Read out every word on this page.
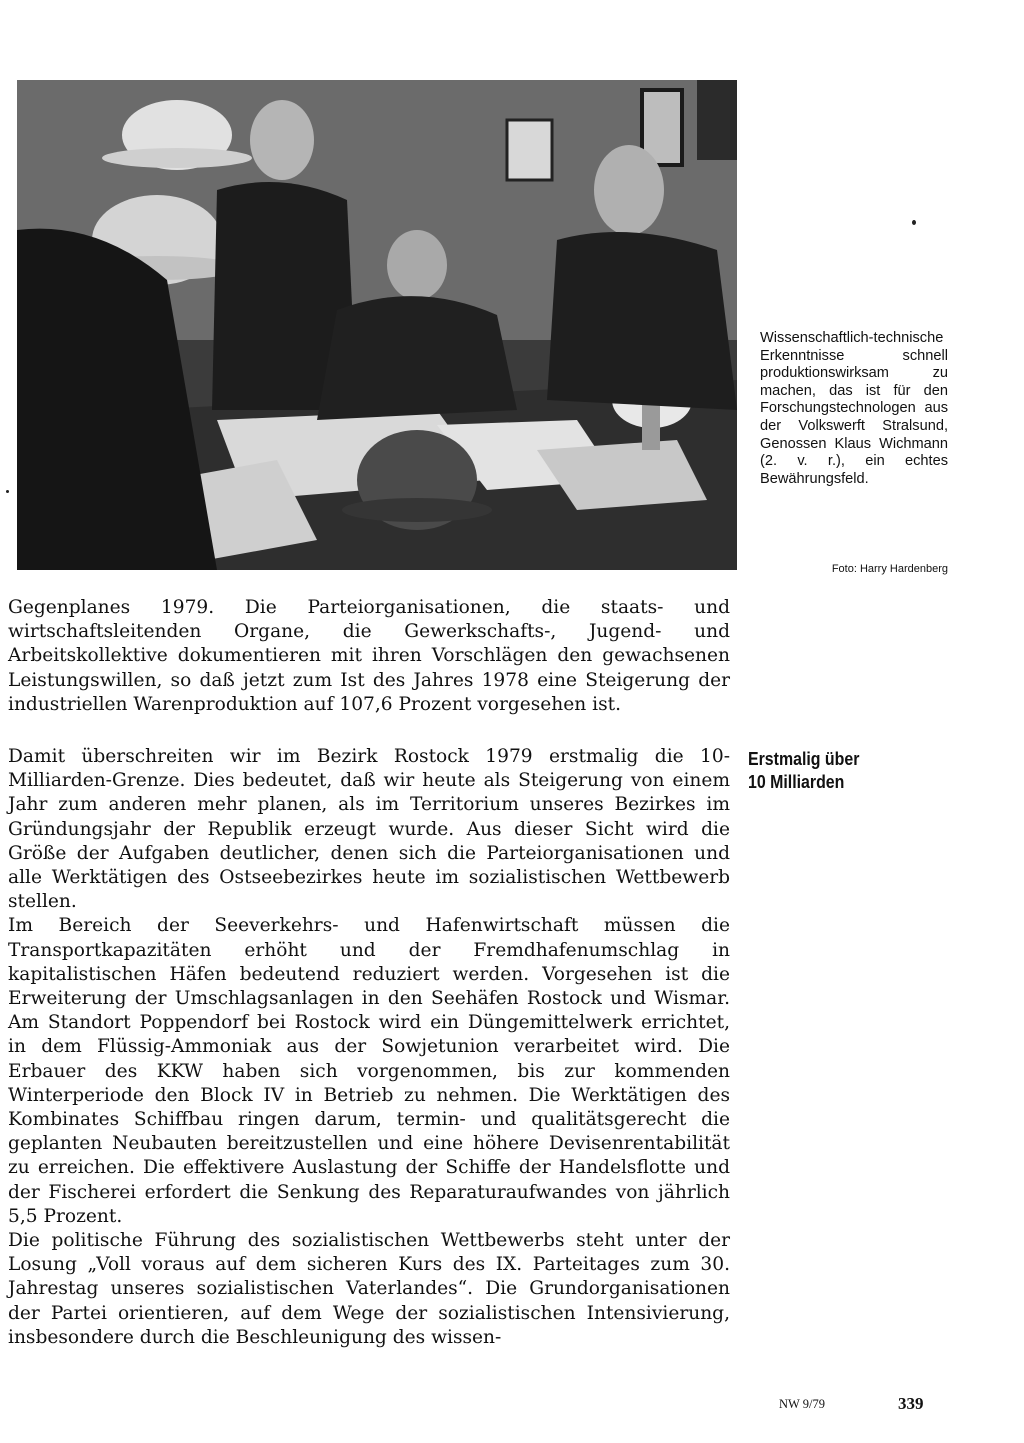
Wissenschaftlich-technische Erkenntnisse schnell produktionswirksam zu machen, das ist für den Forschungstechnologen aus der Volkswerft Stralsund, Genossen Klaus Wichmann (2. v. r.), ein echtes Bewährungsfeld.
Foto: Harry Hardenberg

Gegenplanes 1979. Die Parteiorganisationen, die staats- und wirtschaftsleitenden Organe, die Gewerkschafts-, Jugend- und Arbeitskollektive dokumentieren mit ihren Vorschlägen den gewachsenen Leistungswillen, so daß jetzt zum Ist des Jahres 1978 eine Steigerung der industriellen Warenproduktion auf 107,6 Prozent vorgesehen ist.

Damit überschreiten wir im Bezirk Rostock 1979 erstmalig die 10-Milliarden-Grenze. Dies bedeutet, daß wir heute als Steigerung von einem Jahr zum anderen mehr planen, als im Territorium unseres Bezirkes im Gründungsjahr der Republik erzeugt wurde. Aus dieser Sicht wird die Größe der Aufgaben deutlicher, denen sich die Parteiorganisationen und alle Werktätigen des Ostseebezirkes heute im sozialistischen Wettbewerb stellen.

Im Bereich der Seeverkehrs- und Hafenwirtschaft müssen die Transportkapazitäten erhöht und der Fremdhafenumschlag in kapitalistischen Häfen bedeutend reduziert werden. Vorgesehen ist die Erweiterung der Umschlagsanlagen in den Seehäfen Rostock und Wismar. Am Standort Poppendorf bei Rostock wird ein Düngemittelwerk errichtet, in dem Flüssig-Ammoniak aus der Sowjetunion verarbeitet wird. Die Erbauer des KKW haben sich vorgenommen, bis zur kommenden Winterperiode den Block IV in Betrieb zu nehmen. Die Werktätigen des Kombinates Schiffbau ringen darum, termin- und qualitätsgerecht die geplanten Neubauten bereitzustellen und eine höhere Devisenrentabilität zu erreichen. Die effektivere Auslastung der Schiffe der Handelsflotte und der Fischerei erfordert die Senkung des Reparaturaufwandes von jährlich 5,5 Prozent.

Die politische Führung des sozialistischen Wettbewerbs steht unter der Losung „Voll voraus auf dem sicheren Kurs des IX. Parteitages zum 30. Jahrestag unseres sozialistischen Vaterlandes“. Die Grundorganisationen der Partei orientieren, auf dem Wege der sozialistischen Intensivierung, insbesondere durch die Beschleunigung des wissen-

Erstmalig über
10 Milliarden
NW 9/79	339
